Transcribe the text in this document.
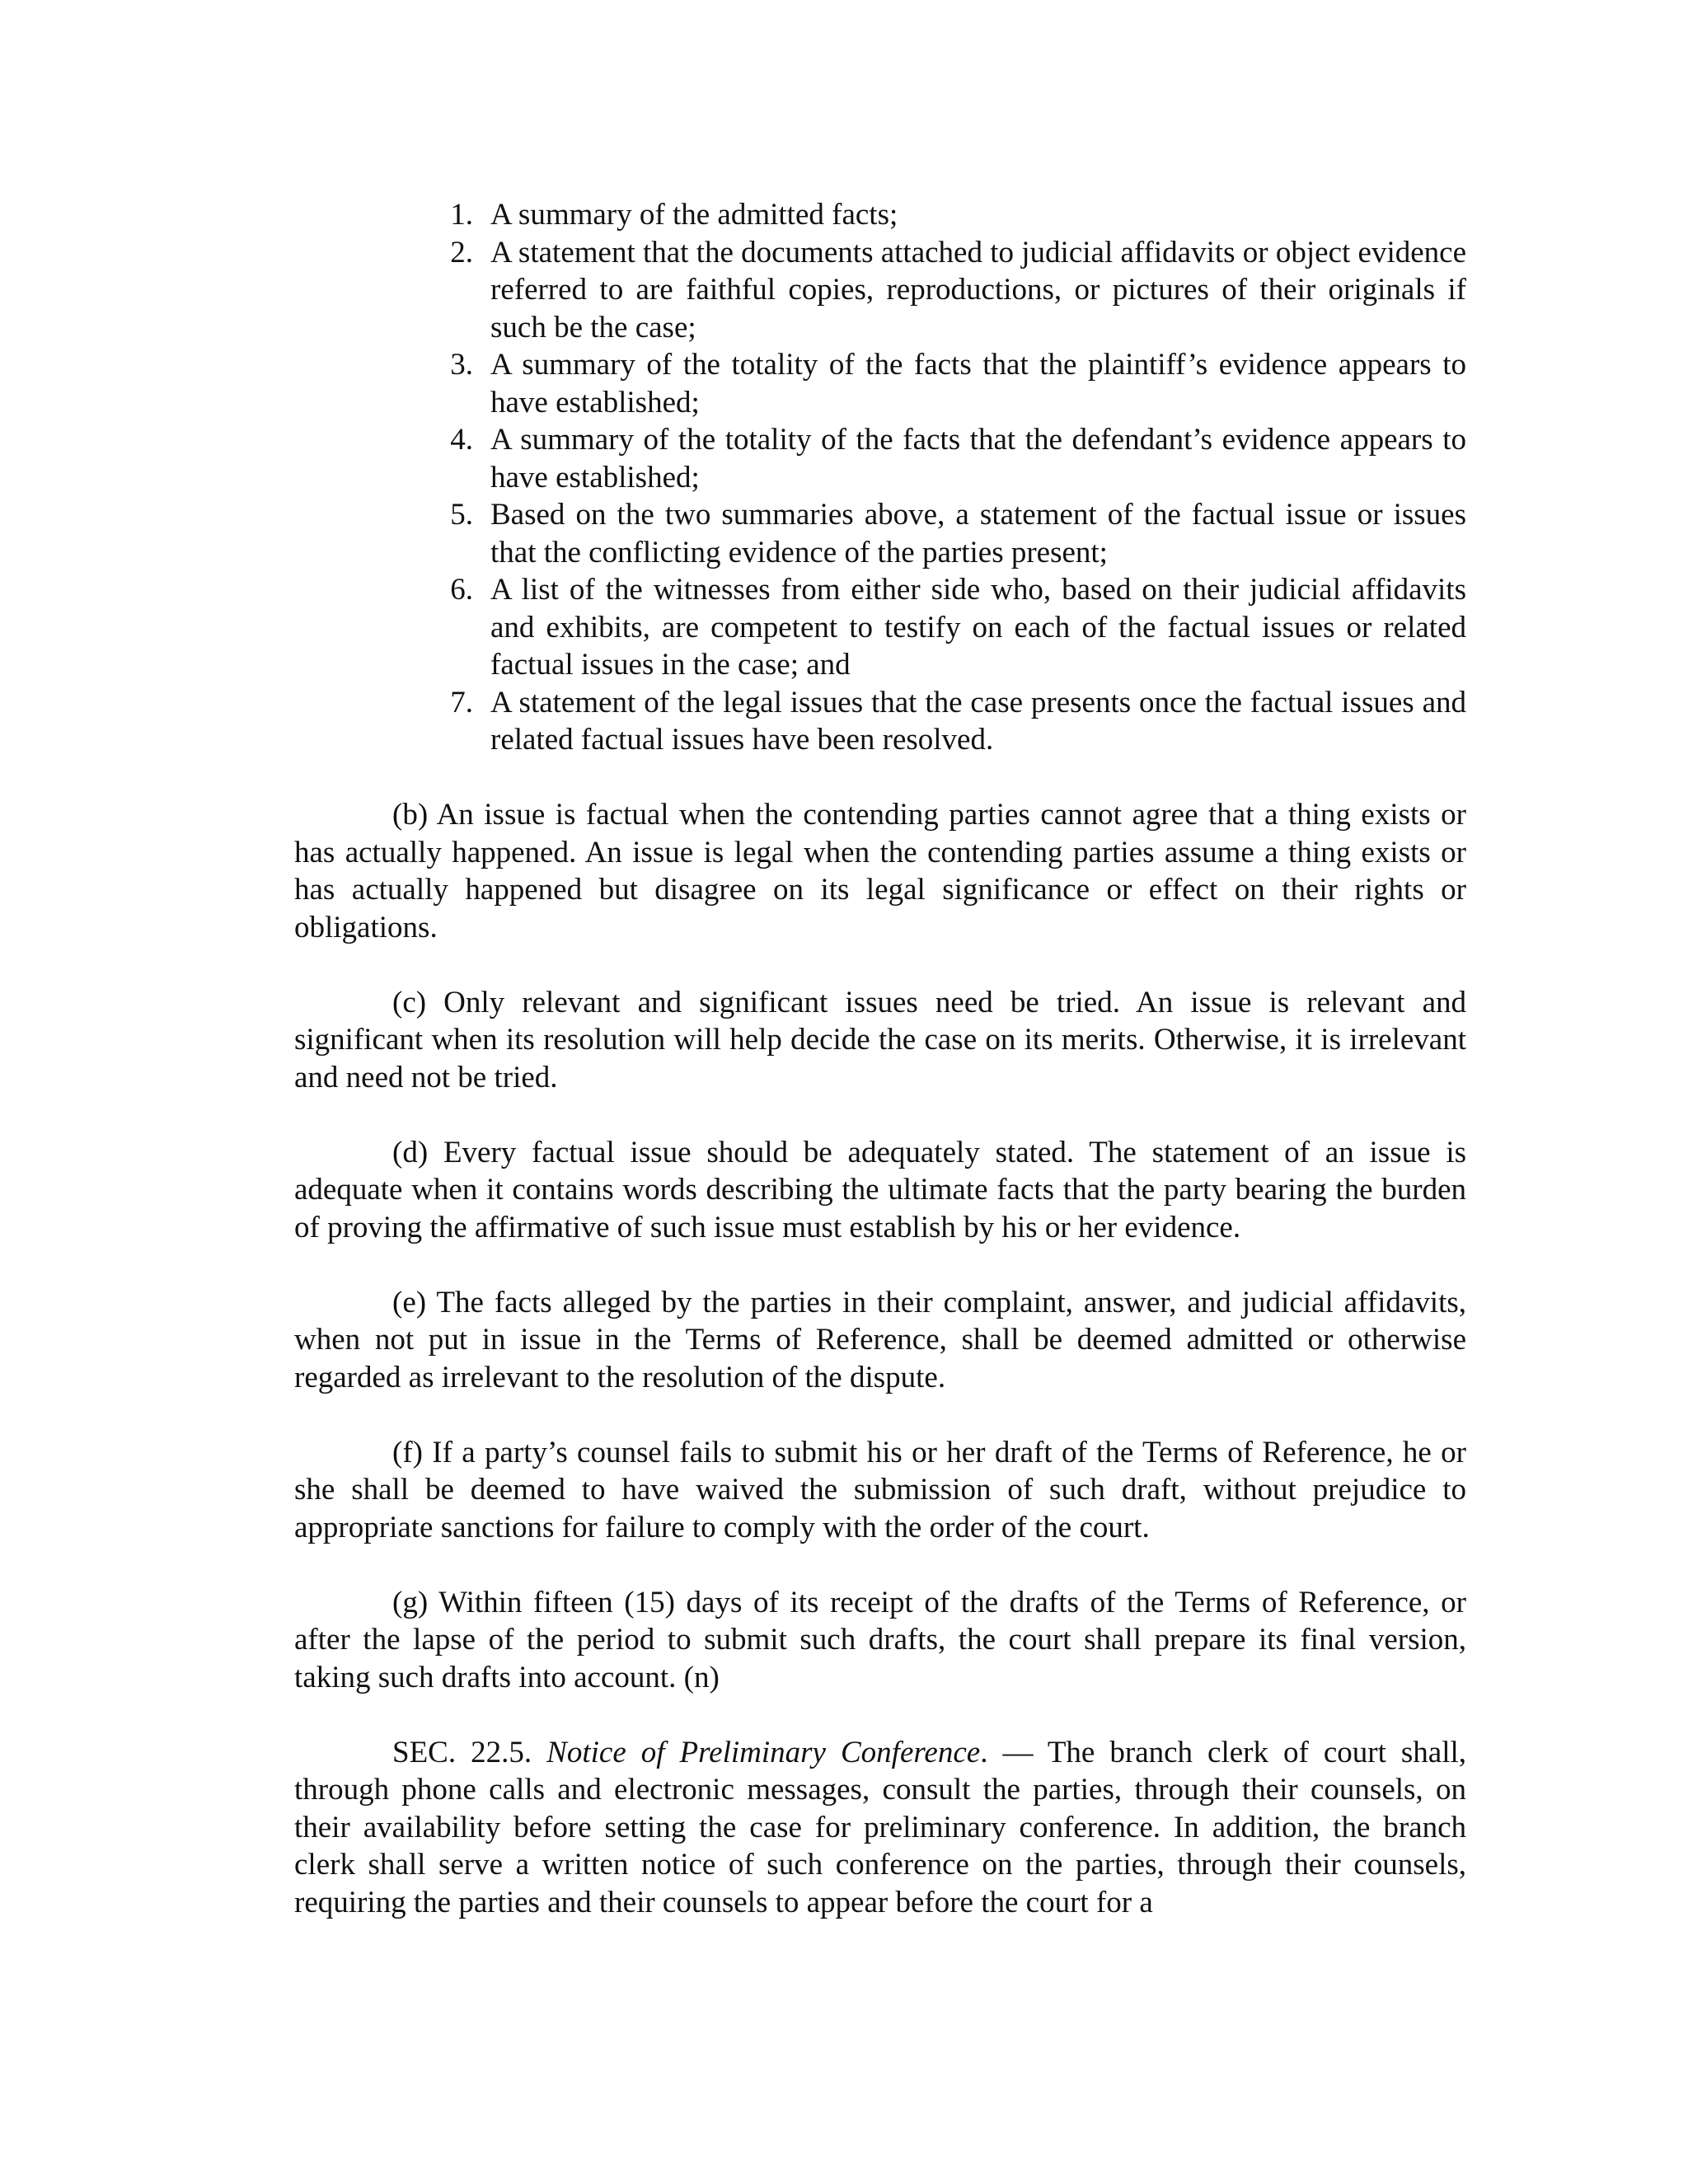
1. A summary of the admitted facts;
2. A statement that the documents attached to judicial affidavits or object evidence referred to are faithful copies, reproductions, or pictures of their originals if such be the case;
3. A summary of the totality of the facts that the plaintiff’s evidence appears to have established;
4. A summary of the totality of the facts that the defendant’s evidence appears to have established;
5. Based on the two summaries above, a statement of the factual issue or issues that the conflicting evidence of the parties present;
6. A list of the witnesses from either side who, based on their judicial affidavits and exhibits, are competent to testify on each of the factual issues or related factual issues in the case; and
7. A statement of the legal issues that the case presents once the factual issues and related factual issues have been resolved.

(b) An issue is factual when the contending parties cannot agree that a thing exists or has actually happened. An issue is legal when the contending parties assume a thing exists or has actually happened but disagree on its legal significance or effect on their rights or obligations.

(c) Only relevant and significant issues need be tried. An issue is relevant and significant when its resolution will help decide the case on its merits. Otherwise, it is irrelevant and need not be tried.

(d) Every factual issue should be adequately stated. The statement of an issue is adequate when it contains words describing the ultimate facts that the party bearing the burden of proving the affirmative of such issue must establish by his or her evidence.

(e) The facts alleged by the parties in their complaint, answer, and judicial affidavits, when not put in issue in the Terms of Reference, shall be deemed admitted or otherwise regarded as irrelevant to the resolution of the dispute.

(f) If a party’s counsel fails to submit his or her draft of the Terms of Reference, he or she shall be deemed to have waived the submission of such draft, without prejudice to appropriate sanctions for failure to comply with the order of the court.

(g) Within fifteen (15) days of its receipt of the drafts of the Terms of Reference, or after the lapse of the period to submit such drafts, the court shall prepare its final version, taking such drafts into account. (n)

SEC. 22.5. Notice of Preliminary Conference. — The branch clerk of court shall, through phone calls and electronic messages, consult the parties, through their counsels, on their availability before setting the case for preliminary conference. In addition, the branch clerk shall serve a written notice of such conference on the parties, through their counsels, requiring the parties and their counsels to appear before the court for a
